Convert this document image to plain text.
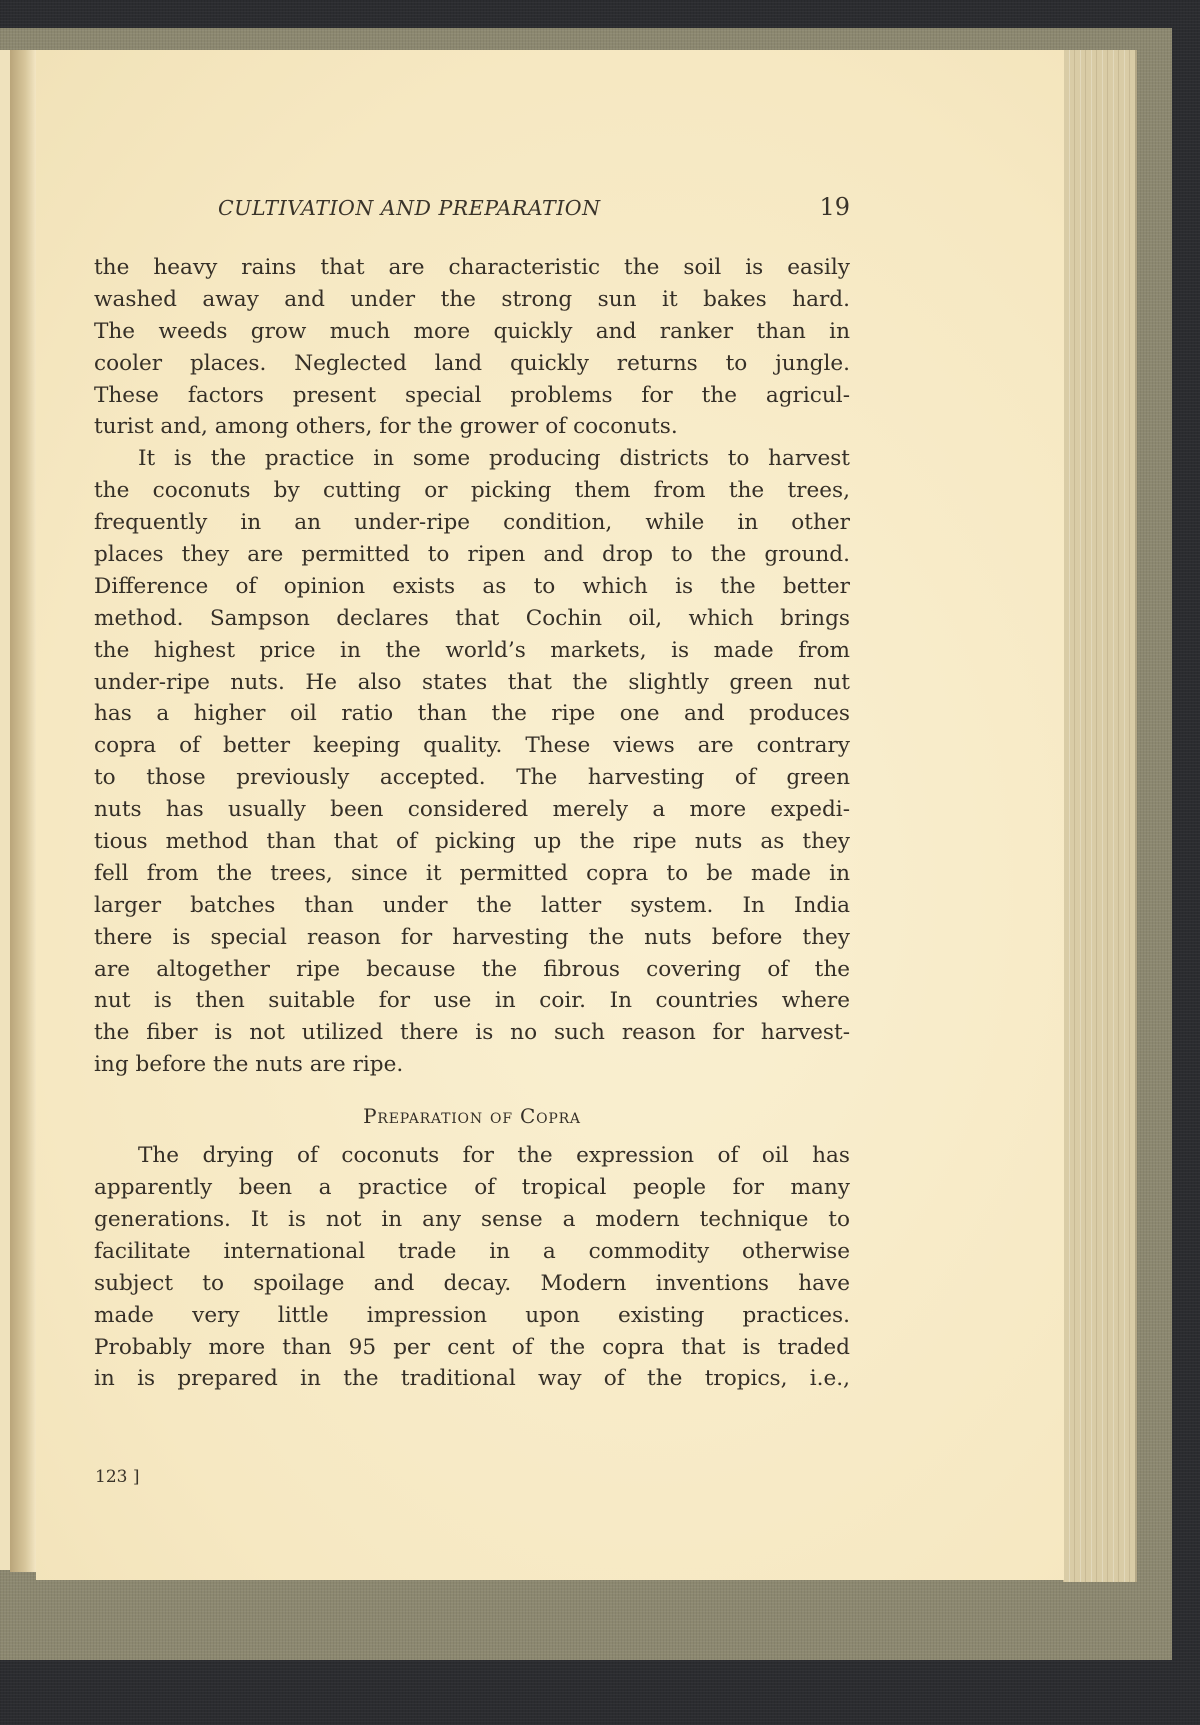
CULTIVATION AND PREPARATION	19
the heavy rains that are characteristic the soil is easily
washed away and under the strong sun it bakes hard.
The weeds grow much more quickly and ranker than in
cooler places. Neglected land quickly returns to jungle.
These factors present special problems for the agricul-
turist and, among others, for the grower of coconuts.
It is the practice in some producing districts to harvest
the coconuts by cutting or picking them from the trees,
frequently in an under-ripe condition, while in other
places they are permitted to ripen and drop to the ground.
Difference of opinion exists as to which is the better
method. Sampson declares that Cochin oil, which brings
the highest price in the world’s markets, is made from
under-ripe nuts. He also states that the slightly green nut
has a higher oil ratio than the ripe one and produces
copra of better keeping quality. These views are contrary
to those previously accepted. The harvesting of green
nuts has usually been considered merely a more expedi-
tious method than that of picking up the ripe nuts as they
fell from the trees, since it permitted copra to be made in
larger batches than under the latter system. In India
there is special reason for harvesting the nuts before they
are altogether ripe because the fibrous covering of the
nut is then suitable for use in coir. In countries where
the fiber is not utilized there is no such reason for harvest-
ing before the nuts are ripe.
Preparation of Copra
The drying of coconuts for the expression of oil has
apparently been a practice of tropical people for many
generations. It is not in any sense a modern technique to
facilitate international trade in a commodity otherwise
subject to spoilage and decay. Modern inventions have
made very little impression upon existing practices.
Probably more than 95 per cent of the copra that is traded
in is prepared in the traditional way of the tropics, i.e.,
123 ]
